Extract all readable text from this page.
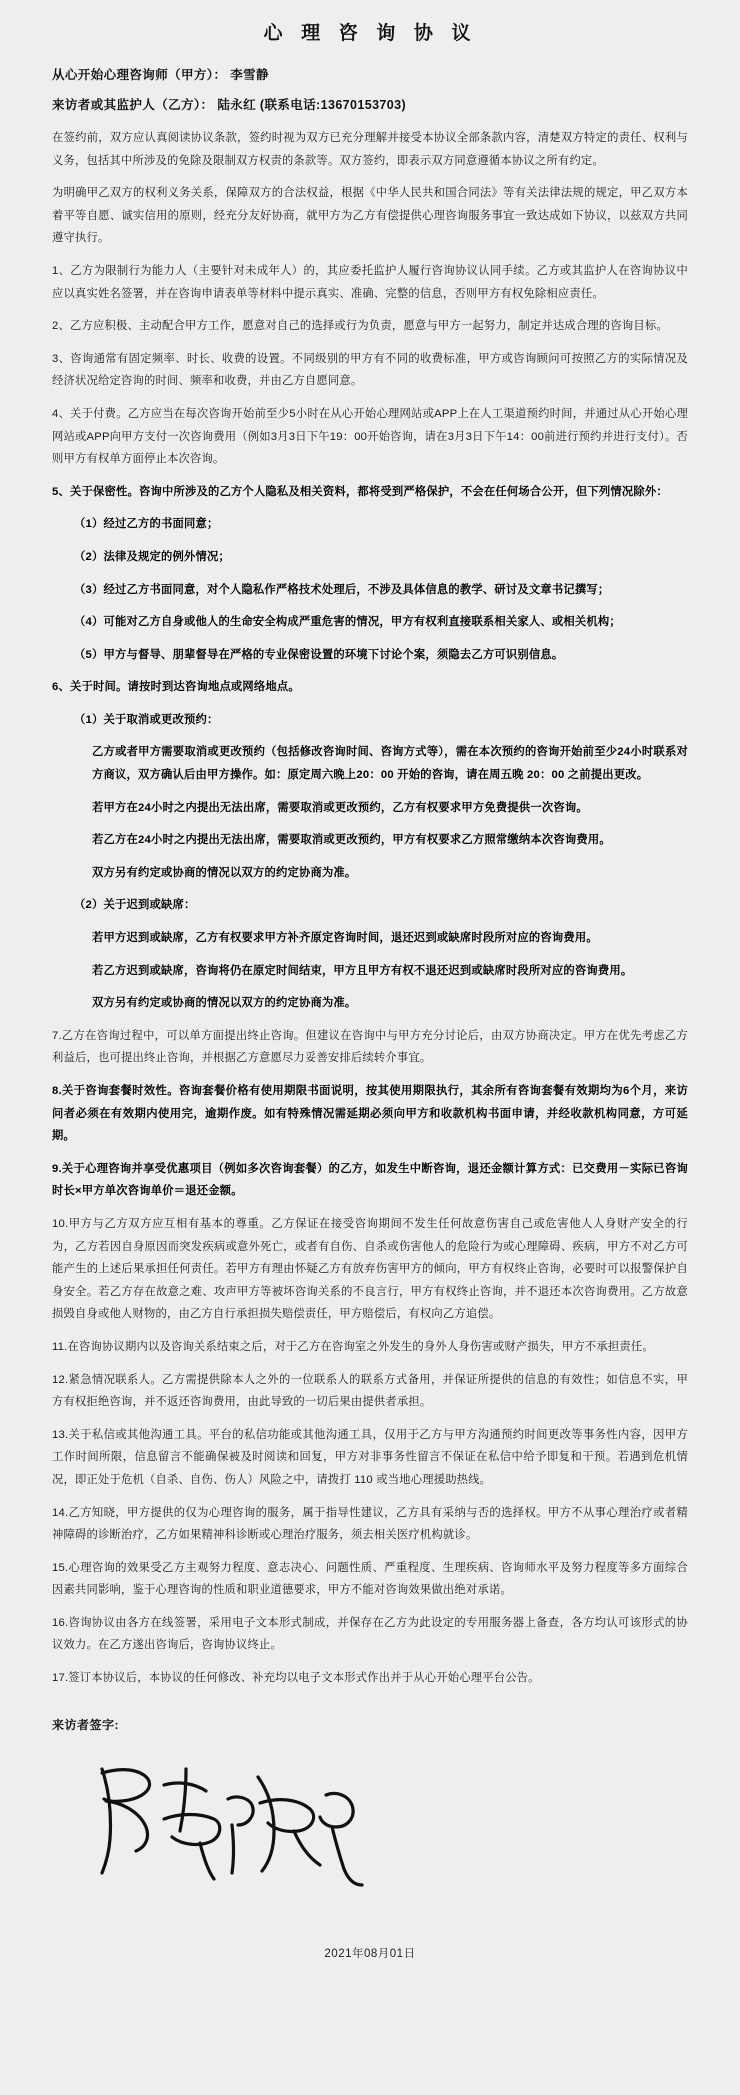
心 理 咨 询 协 议
从心开始心理咨询师（甲方）： 李雪静
来访者或其监护人（乙方）： 陆永红 (联系电话:13670153703)

在签约前，双方应认真阅读协议条款，签约时视为双方已充分理解并接受本协议全部条款内容，清楚双方特定的责任、权利与义务，包括其中所涉及的免除及限制双方权责的条款等。双方签约，即表示双方同意遵循本协议之所有约定。

为明确甲乙双方的权利义务关系，保障双方的合法权益，根据《中华人民共和国合同法》等有关法律法规的规定，甲乙双方本着平等自愿、诚实信用的原则，经充分友好协商，就甲方为乙方有偿提供心理咨询服务事宜一致达成如下协议，以兹双方共同遵守执行。

1、乙方为限制行为能力人（主要针对未成年人）的，其应委托监护人履行咨询协议认同手续。乙方或其监护人在咨询协议中应以真实姓名签署，并在咨询申请表单等材料中提示真实、准确、完整的信息，否则甲方有权免除相应责任。

2、乙方应积极、主动配合甲方工作，愿意对自己的选择或行为负责，愿意与甲方一起努力，制定并达成合理的咨询目标。

3、咨询通常有固定频率、时长、收费的设置。不同级别的甲方有不同的收费标准，甲方或咨询顾问可按照乙方的实际情况及经济状况给定咨询的时间、频率和收费，并由乙方自愿同意。

4、关于付费。乙方应当在每次咨询开始前至少5小时在从心开始心理网站或APP上在人工渠道预约时间，并通过从心开始心理网站或APP向甲方支付一次咨询费用（例如3月3日下午19：00开始咨询，请在3月3日下午14：00前进行预约并进行支付）。否则甲方有权单方面停止本次咨询。

5、关于保密性。咨询中所涉及的乙方个人隐私及相关资料，都将受到严格保护，不会在任何场合公开，但下列情况除外：

（1）经过乙方的书面同意；

（2）法律及规定的例外情况；

（3）经过乙方书面同意，对个人隐私作严格技术处理后，不涉及具体信息的教学、研讨及文章书记撰写；

（4）可能对乙方自身或他人的生命安全构成严重危害的情况，甲方有权利直接联系相关家人、或相关机构；

（5）甲方与督导、朋辈督导在严格的专业保密设置的环境下讨论个案，须隐去乙方可识别信息。

6、关于时间。请按时到达咨询地点或网络地点。

（1）关于取消或更改预约：

乙方或者甲方需要取消或更改预约（包括修改咨询时间、咨询方式等），需在本次预约的咨询开始前至少24小时联系对方商议，双方确认后由甲方操作。如：原定周六晚上20：00 开始的咨询，请在周五晚 20：00 之前提出更改。

若甲方在24小时之内提出无法出席，需要取消或更改预约，乙方有权要求甲方免费提供一次咨询。

若乙方在24小时之内提出无法出席，需要取消或更改预约，甲方有权要求乙方照常缴纳本次咨询费用。

双方另有约定或协商的情况以双方的约定协商为准。

（2）关于迟到或缺席：

若甲方迟到或缺席，乙方有权要求甲方补齐原定咨询时间，退还迟到或缺席时段所对应的咨询费用。

若乙方迟到或缺席，咨询将仍在原定时间结束，甲方且甲方有权不退还迟到或缺席时段所对应的咨询费用。

双方另有约定或协商的情况以双方的约定协商为准。

7.乙方在咨询过程中，可以单方面提出终止咨询。但建议在咨询中与甲方充分讨论后，由双方协商决定。甲方在优先考虑乙方利益后，也可提出终止咨询，并根据乙方意愿尽力妥善安排后续转介事宜。

8.关于咨询套餐时效性。咨询套餐价格有使用期限书面说明，按其使用期限执行，其余所有咨询套餐有效期均为6个月，来访问者必须在有效期内使用完，逾期作废。如有特殊情况需延期必须向甲方和收款机构书面申请，并经收款机构同意，方可延期。

9.关于心理咨询并享受优惠项目（例如多次咨询套餐）的乙方，如发生中断咨询，退还金额计算方式：已交费用－实际已咨询时长×甲方单次咨询单价＝退还金额。

10.甲方与乙方双方应互相有基本的尊重。乙方保证在接受咨询期间不发生任何故意伤害自己或危害他人人身财产安全的行为，乙方若因自身原因而突发疾病或意外死亡，或者有自伤、自杀或伤害他人的危险行为或心理障碍、疾病，甲方不对乙方可能产生的上述后果承担任何责任。若甲方有理由怀疑乙方有放弃伤害甲方的倾向，甲方有权终止咨询，必要时可以报警保护自身安全。若乙方存在故意之难、攻声甲方等被坏咨询关系的不良言行，甲方有权终止咨询，并不退还本次咨询费用。乙方故意损毁自身或他人财物的，由乙方自行承担损失赔偿责任，甲方赔偿后，有权向乙方追偿。

11.在咨询协议期内以及咨询关系结束之后，对于乙方在咨询室之外发生的身外人身伤害或财产损失，甲方不承担责任。

12.紧急情况联系人。乙方需提供除本人之外的一位联系人的联系方式备用，并保证所提供的信息的有效性；如信息不实，甲方有权拒绝咨询，并不返还咨询费用，由此导致的一切后果由提供者承担。

13.关于私信或其他沟通工具。平台的私信功能或其他沟通工具，仅用于乙方与甲方沟通预约时间更改等事务性内容，因甲方工作时间所限，信息留言不能确保被及时阅读和回复，甲方对非事务性留言不保证在私信中给予即复和干预。若遇到危机情况，即正处于危机（自杀、自伤、伤人）风险之中，请拨打 110 或当地心理援助热线。

14.乙方知晓，甲方提供的仅为心理咨询的服务，属于指导性建议，乙方具有采纳与否的选择权。甲方不从事心理治疗或者精神障碍的诊断治疗，乙方如果精神科诊断或心理治疗服务，须去相关医疗机构就诊。

15.心理咨询的效果受乙方主观努力程度、意志决心、问题性质、严重程度、生理疾病、咨询师水平及努力程度等多方面综合因素共同影响，鉴于心理咨询的性质和职业道德要求，甲方不能对咨询效果做出绝对承诺。

16.咨询协议由各方在线签署，采用电子文本形式制成，并保存在乙方为此设定的专用服务器上备查，各方均认可该形式的协议效力。在乙方遂出咨询后，咨询协议终止。

17.签订本协议后，本协议的任何修改、补充均以电子文本形式作出并于从心开始心理平台公告。

来访者签字:
2021年08月01日
